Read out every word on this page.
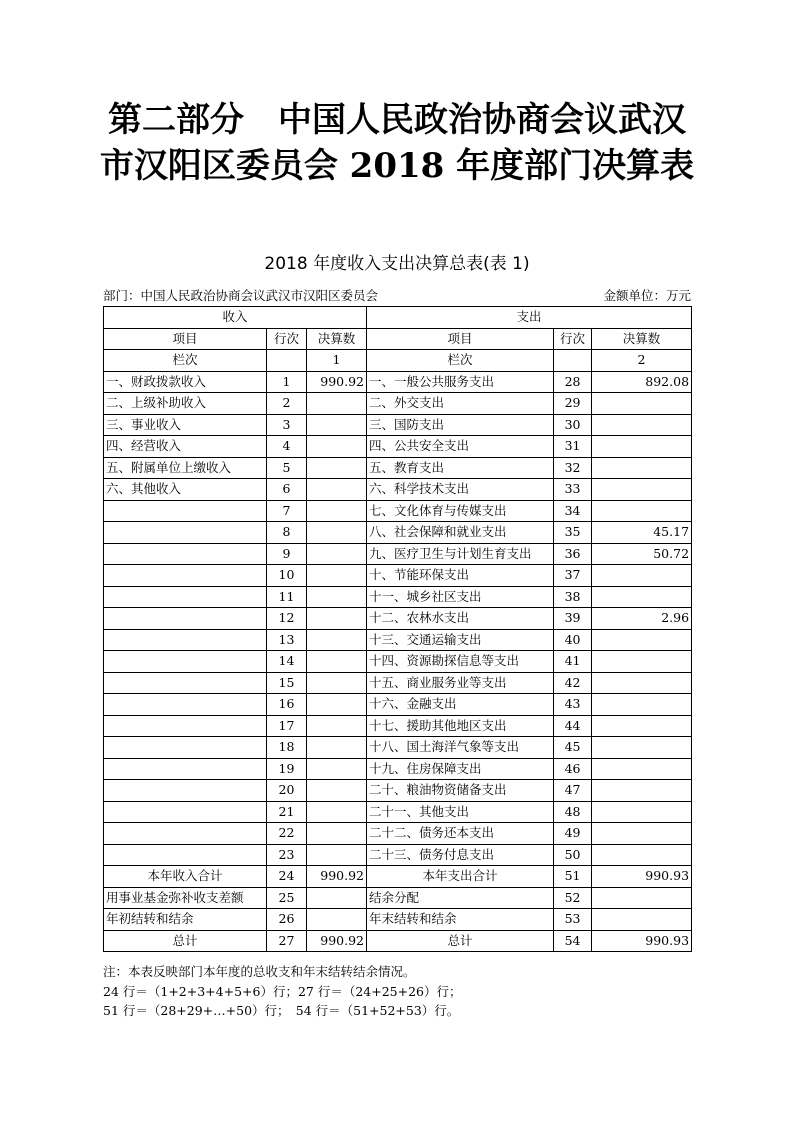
第二部分　中国人民政治协商会议武汉
市汉阳区委员会 2018 年度部门决算表
2018 年度收入支出决算总表(表 1)
部门：中国人民政治协商会议武汉市汉阳区委员会	金额单位：万元
收入			支出		
项目	行次	决算数	项目	行次	决算数
栏次		1	栏次		2
一、财政拨款收入	1	990.92	一、一般公共服务支出	28	892.08
二、上级补助收入	2		二、外交支出	29	
三、事业收入	3		三、国防支出	30	
四、经营收入	4		四、公共安全支出	31	
五、附属单位上缴收入	5		五、教育支出	32	
六、其他收入	6		六、科学技术支出	33	
	7		七、文化体育与传媒支出	34	
	8		八、社会保障和就业支出	35	45.17
	9		九、医疗卫生与计划生育支出	36	50.72
	10		十、节能环保支出	37	
	11		十一、城乡社区支出	38	
	12		十二、农林水支出	39	2.96
	13		十三、交通运输支出	40	
	14		十四、资源勘探信息等支出	41	
	15		十五、商业服务业等支出	42	
	16		十六、金融支出	43	
	17		十七、援助其他地区支出	44	
	18		十八、国土海洋气象等支出	45	
	19		十九、住房保障支出	46	
	20		二十、粮油物资储备支出	47	
	21		二十一、其他支出	48	
	22		二十二、债务还本支出	49	
	23		二十三、债务付息支出	50	
本年收入合计	24	990.92	本年支出合计	51	990.93
用事业基金弥补收支差额	25		结余分配	52	
年初结转和结余	26		年末结转和结余	53	
总计	27	990.92	总计	54	990.93
注：本表反映部门本年度的总收支和年末结转结余情况。
24 行＝（1+2+3+4+5+6）行；27 行＝（24+25+26）行；
51 行＝（28+29+…+50）行；　54 行＝（51+52+53）行。
